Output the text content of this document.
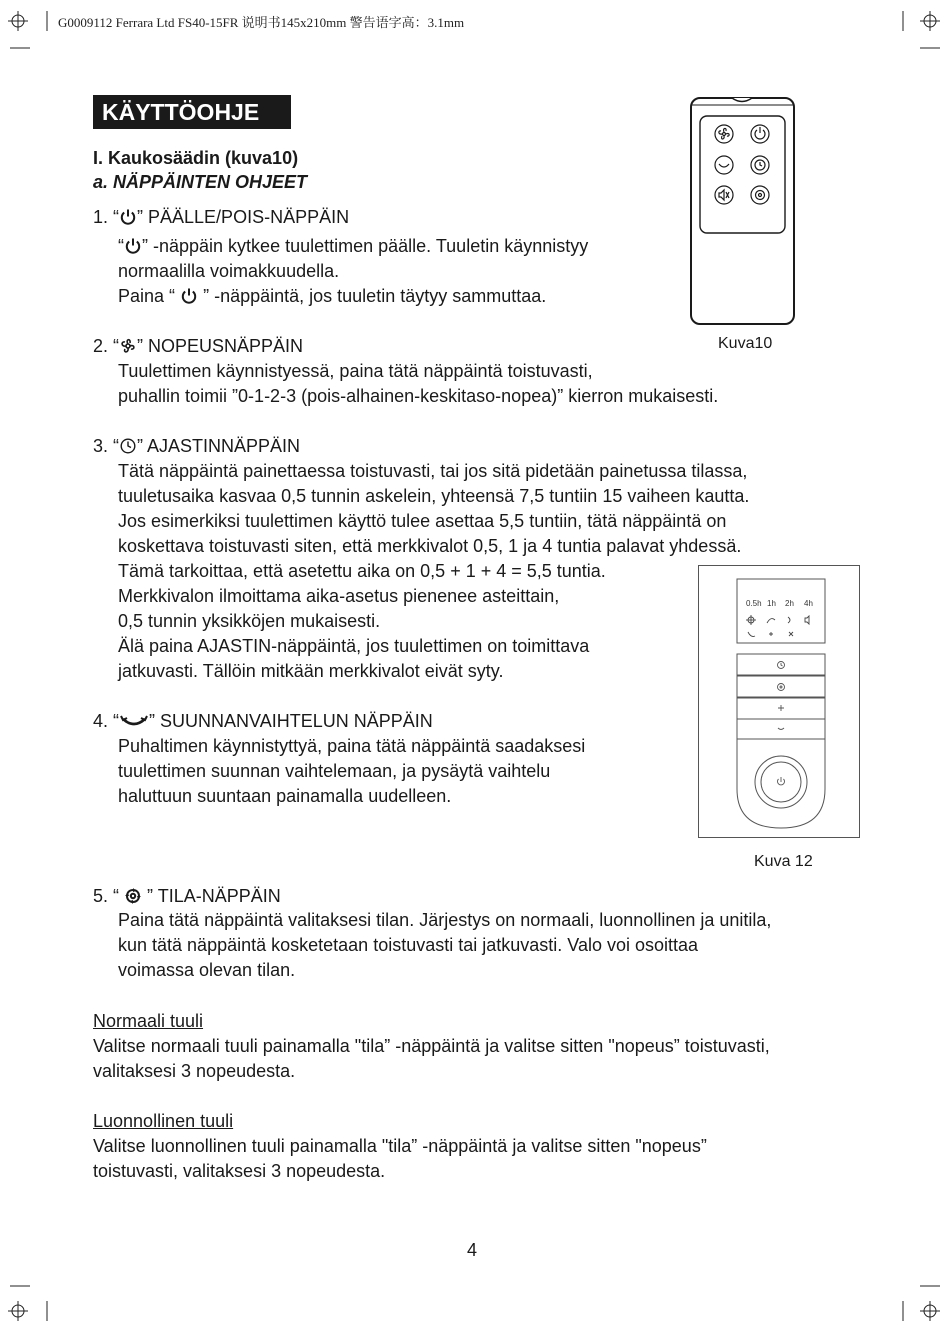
G0009112 Ferrara Ltd FS40-15FR 说明书145x210mm 警告语字高：3.1mm
KÄYTTÖOHJE
I. Kaukosäädin (kuva10)
a. NÄPPÄINTEN OHJEET
1. “ ” PÄÄLLE/POIS-NÄPPÄIN
“ ” -näppäin kytkee tuulettimen päälle. Tuuletin käynnistyy
normaalilla voimakkuudella.
Paina “ ” -näppäintä, jos tuuletin täytyy sammuttaa.
2. “ ” NOPEUSNÄPPÄIN
Tuulettimen käynnistyessä, paina tätä näppäintä toistuvasti,
puhallin toimii ”0-1-2-3 (pois-alhainen-keskitaso-nopea)” kierron mukaisesti.
3. “ ” AJASTINNÄPPÄIN
Tätä näppäintä painettaessa toistuvasti, tai jos sitä pidetään painetussa tilassa,
tuuletusaika kasvaa 0,5 tunnin askelein, yhteensä 7,5 tuntiin 15 vaiheen kautta.
Jos esimerkiksi tuulettimen käyttö tulee asettaa 5,5 tuntiin, tätä näppäintä on
koskettava toistuvasti siten, että merkkivalot 0,5, 1 ja 4 tuntia palavat yhdessä.
Tämä tarkoittaa, että asetettu aika on 0,5 + 1 + 4 = 5,5 tuntia.
Merkkivalon ilmoittama aika-asetus pienenee asteittain,
0,5 tunnin yksikköjen mukaisesti.
Älä paina AJASTIN-näppäintä, jos tuulettimen on toimittava
jatkuvasti. Tällöin mitkään merkkivalot eivät syty.
4. “ ” SUUNNANVAIHTELUN NÄPPÄIN
Puhaltimen käynnistyttyä, paina tätä näppäintä saadaksesi
tuulettimen suunnan vaihtelemaan, ja pysäytä vaihtelu
haluttuun suuntaan painamalla uudelleen.
5. “ ” TILA-NÄPPÄIN
Paina tätä näppäintä valitaksesi tilan. Järjestys on normaali, luonnollinen ja unitila,
kun tätä näppäintä kosketetaan toistuvasti tai jatkuvasti. Valo voi osoittaa
voimassa olevan tilan.
Normaali tuuli
Valitse normaali tuuli painamalla "tila” -näppäintä ja valitse sitten "nopeus” toistuvasti,
valitaksesi 3 nopeudesta.
Luonnollinen tuuli
Valitse luonnollinen tuuli painamalla "tila” -näppäintä ja valitse sitten "nopeus”
toistuvasti, valitaksesi 3 nopeudesta.
Kuva10
0.5h 1h 2h 4h
Kuva 12
4
